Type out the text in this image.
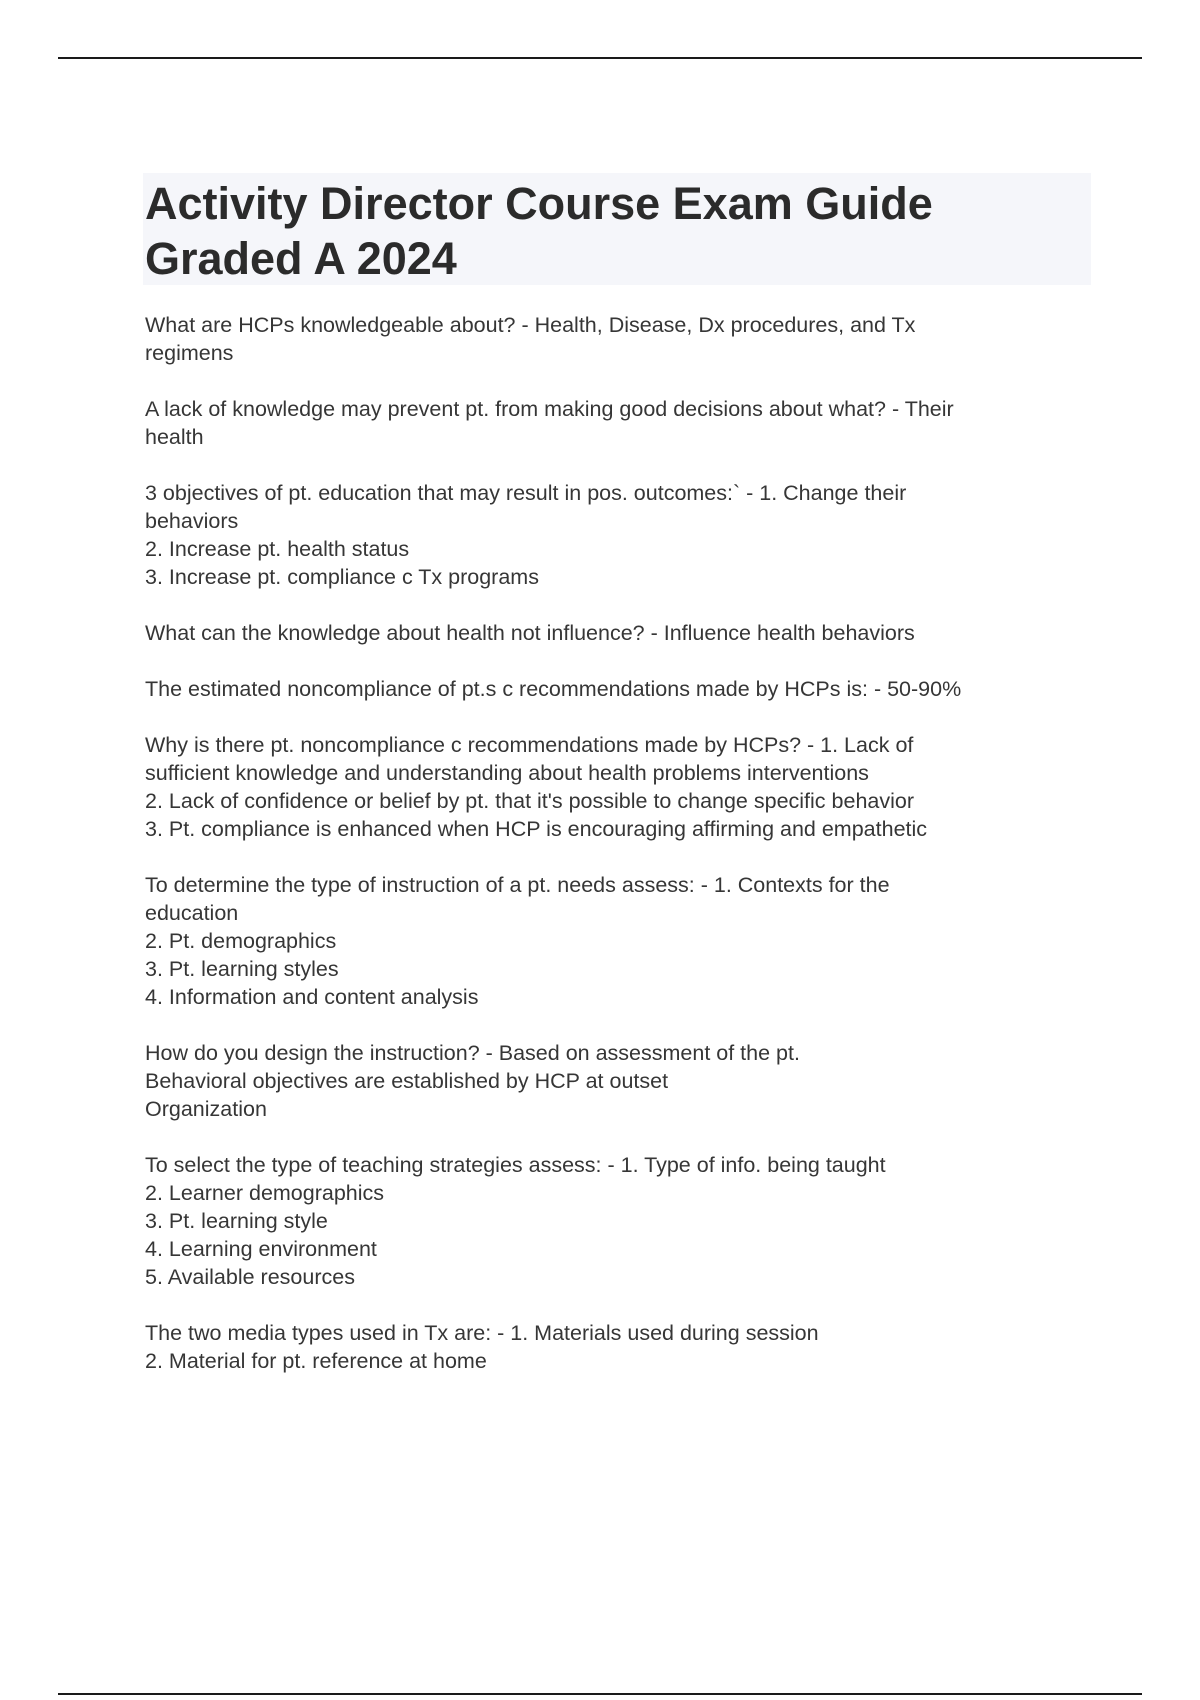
Activity Director Course Exam Guide Graded A 2024

What are HCPs knowledgeable about? - Health, Disease, Dx procedures, and Tx
regimens

A lack of knowledge may prevent pt. from making good decisions about what? - Their
health

3 objectives of pt. education that may result in pos. outcomes:` - 1. Change their
behaviors
2. Increase pt. health status
3. Increase pt. compliance c Tx programs

What can the knowledge about health not influence? - Influence health behaviors

The estimated noncompliance of pt.s c recommendations made by HCPs is: - 50-90%

Why is there pt. noncompliance c recommendations made by HCPs? - 1. Lack of
sufficient knowledge and understanding about health problems interventions
2. Lack of confidence or belief by pt. that it's possible to change specific behavior
3. Pt. compliance is enhanced when HCP is encouraging affirming and empathetic

To determine the type of instruction of a pt. needs assess: - 1. Contexts for the
education
2. Pt. demographics
3. Pt. learning styles
4. Information and content analysis

How do you design the instruction? - Based on assessment of the pt.
Behavioral objectives are established by HCP at outset
Organization

To select the type of teaching strategies assess: - 1. Type of info. being taught
2. Learner demographics
3. Pt. learning style
4. Learning environment
5. Available resources

The two media types used in Tx are: - 1. Materials used during session
2. Material for pt. reference at home
